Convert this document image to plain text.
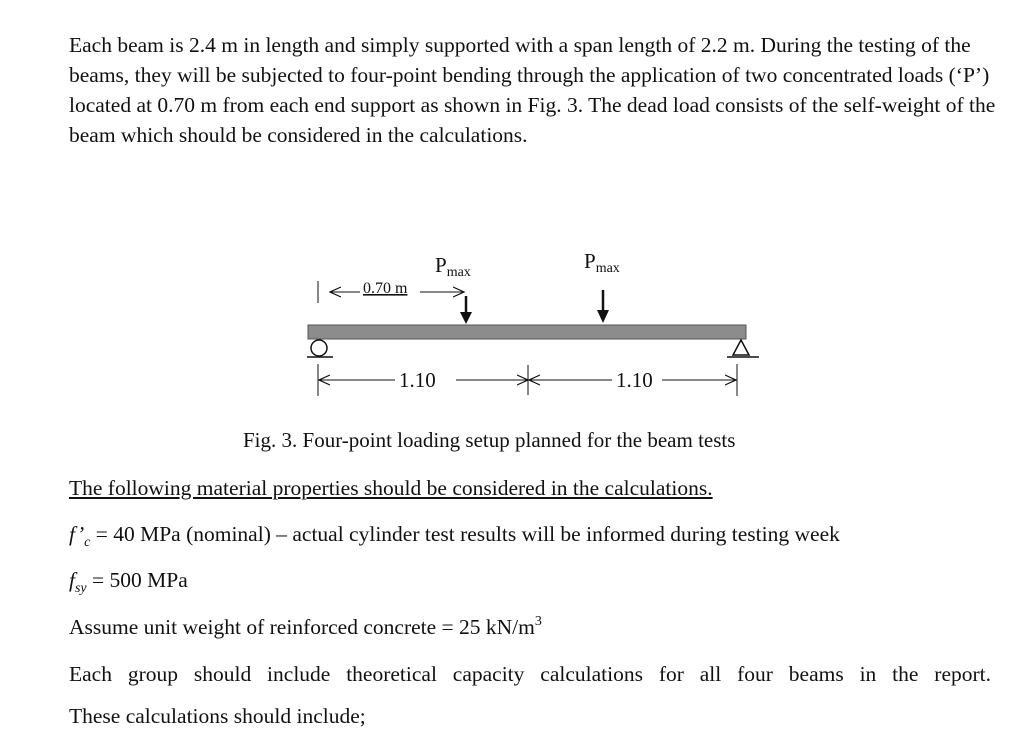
Each beam is 2.4 m in length and simply supported with a span length of 2.2 m. During the testing of the beams, they will be subjected to four-point bending through the application of two concentrated loads (‘P’) located at 0.70 m from each end support as shown in Fig. 3. The dead load consists of the self-weight of the beam which should be considered in the calculations.

Pmax	Pmax
0.70 m
1.10	1.10

Fig. 3. Four-point loading setup planned for the beam tests

The following material properties should be considered in the calculations.

$f’_c = 40$ MPa (nominal) – actual cylinder test results will be informed during testing week

$f_{sy} = 500$ MPa

Assume unit weight of reinforced concrete = 25 $kN/m^3$

Each group should include theoretical capacity calculations for all four beams in the report.

These calculations should include;
